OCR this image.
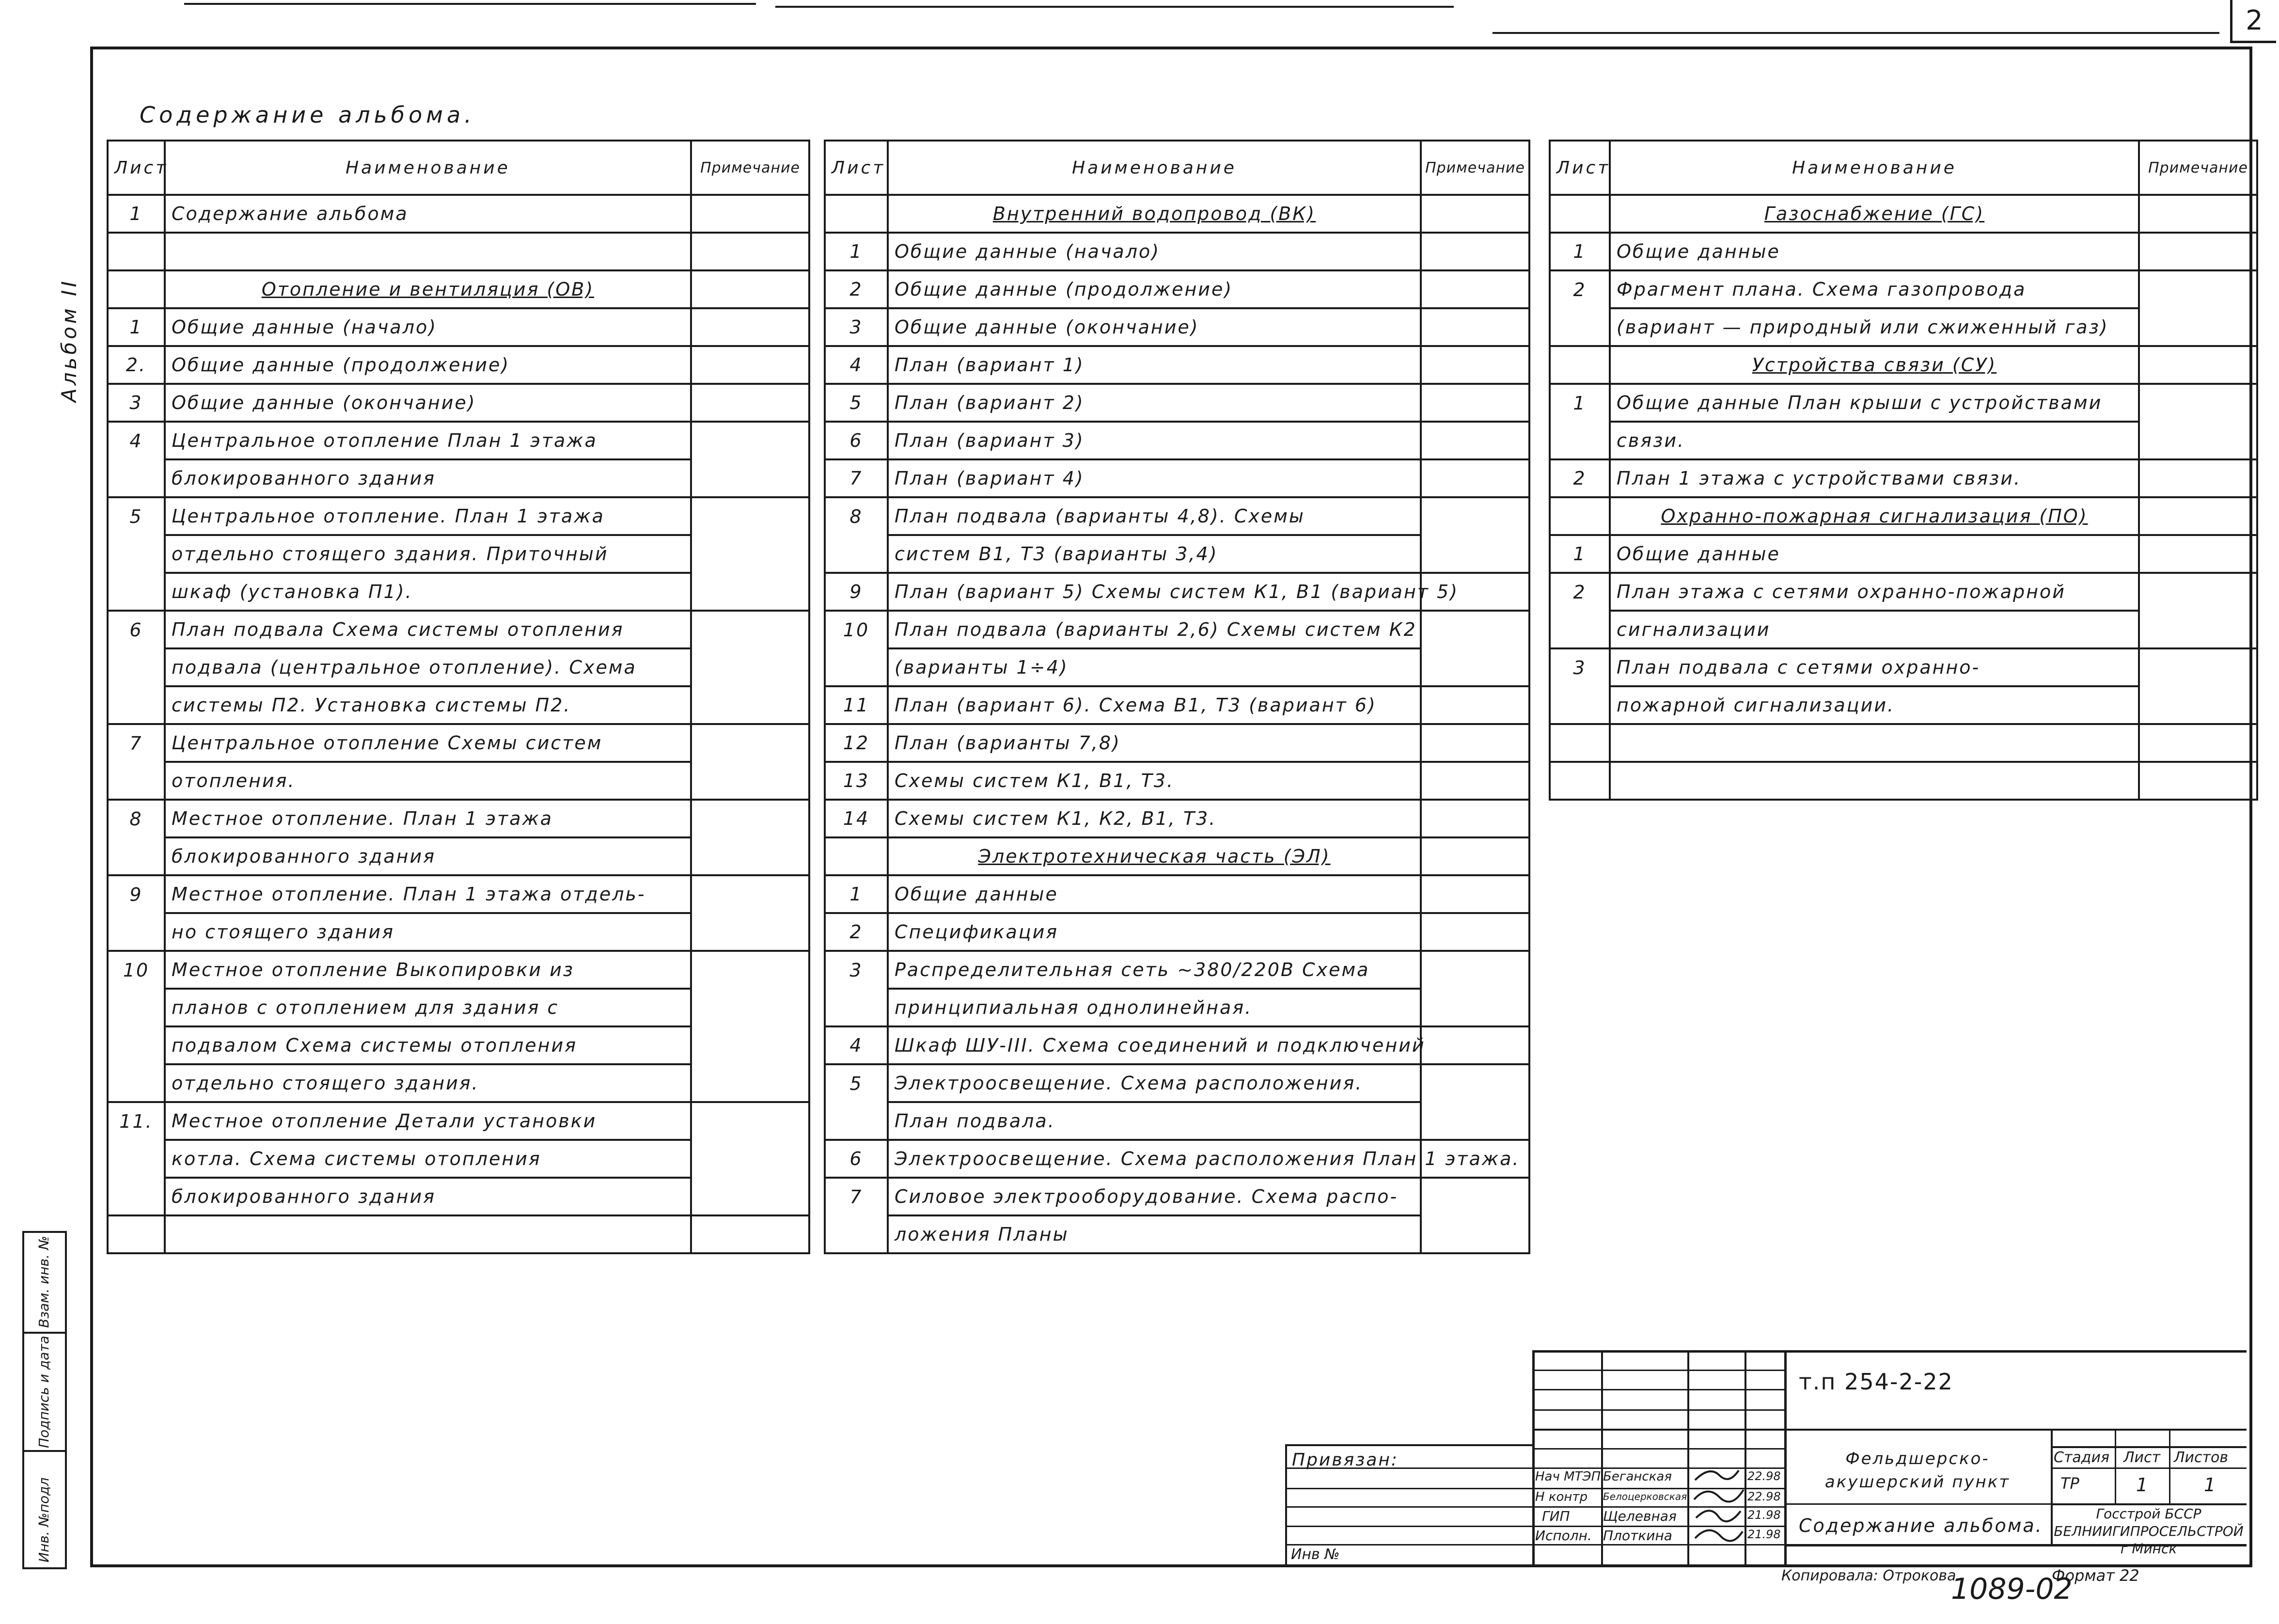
2
Альбом II
Содержание альбома.
Лист	Наименование	Примечание
1	Содержание альбома	

	Отопление и вентиляция (ОВ)	
1	Общие данные (начало)	
2.	Общие данные (продолжение)	
3	Общие данные (окончание)	
4	Центральное отопление План 1 этажа	
	блокированного здания	
5	Центральное отопление. План 1 этажа	
	отдельно стоящего здания. Приточный	
	шкаф (установка П1).	
6	План подвала Схема системы отопления	
	подвала (центральное отопление). Схема	
	системы П2. Установка системы П2.	
7	Центральное отопление Схемы систем	
	отопления.	
8	Местное отопление. План 1 этажа	
	блокированного здания	
9	Местное отопление. План 1 этажа отдель-	
	но стоящего здания	
10	Местное отопление Выкопировки из	
	планов с отоплением для здания с	
	подвалом Схема системы отопления	
	отдельно стоящего здания.	
11.	Местное отопление Детали установки	
	котла. Схема системы отопления	
	блокированного здания	

Лист	Наименование	Примечание
	Внутренний водопровод (ВК)	
1	Общие данные (начало)	
2	Общие данные (продолжение)	
3	Общие данные (окончание)	
4	План (вариант 1)	
5	План (вариант 2)	
6	План (вариант 3)	
7	План (вариант 4)	
8	План подвала (варианты 4,8). Схемы	
	систем В1, Т3 (варианты 3,4)	
9	План (вариант 5) Схемы систем К1, В1 (вариант 5)	
10	План подвала (варианты 2,6) Схемы систем К2	
	(варианты 1÷4)	
11	План (вариант 6). Схема В1, Т3 (вариант 6)	
12	План (варианты 7,8)	
13	Схемы систем К1, В1, Т3.	
14	Схемы систем К1, К2, В1, Т3.	
	Электротехническая часть (ЭЛ)	
1	Общие данные	
2	Спецификация	
3	Распределительная сеть ~380/220В Схема	
	принципиальная однолинейная.	
4	Шкаф ШУ-III. Схема соединений и подключений	
5	Электроосвещение. Схема расположения.	
	План подвала.	
6	Электроосвещение. Схема расположения План 1 этажа.	
7	Силовое электрооборудование. Схема распо-	
	ложения Планы	
Лист	Наименование	Примечание
	Газоснабжение (ГС)	
1	Общие данные	
2	Фрагмент плана. Схема газопровода	
	(вариант — природный или сжиженный газ)	
	Устройства связи (СУ)	
1	Общие данные План крыши с устройствами	
	связи.	
2	План 1 этажа с устройствами связи.	
	Охранно-пожарная сигнализация (ПО)	
1	Общие данные	
2	План этажа с сетями охранно-пожарной	
	сигнализации	
3	План подвала с сетями охранно-	
	пожарной сигнализации.	

Взам. инв. №
Подпись и дата
Инв. №подл
т.п 254-2-22
Привязан:
Инв №
Нач МТЭП Беганская	22.98
Н контр Белоцерковская	22.98
ГИП Щелевная	21.98
Исполн. Плоткина	21.98
Фельдшерско-акушерский пункт
Содержание альбома.
Стадия Лист Листов
ТР	1	1
Госстрой БССР БЕЛНИИГИПРОСЕЛЬСТРОЙ г Минск
Копировала: Отрокова
1089-02
Формат 22
